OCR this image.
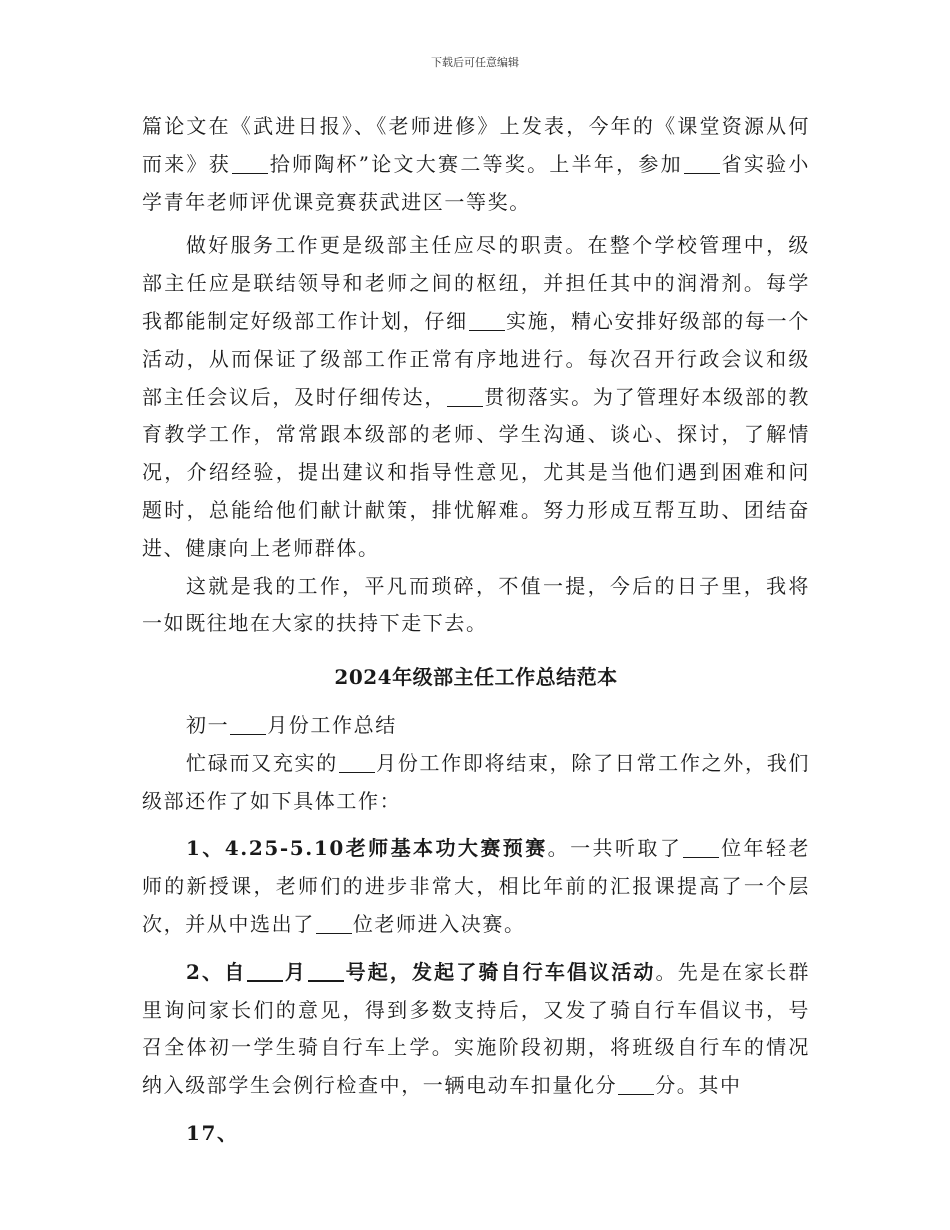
下载后可任意编辑

篇论文在《武进日报》、《老师进修》上发表，今年的《课堂资源从何而来》获 拾师陶杯”论文大赛二等奖。上半年，参加 省实验小学青年老师评优课竞赛获武进区一等奖。

做好服务工作更是级部主任应尽的职责。在整个学校管理中，级部主任应是联结领导和老师之间的枢纽，并担任其中的润滑剂。每学我都能制定好级部工作计划，仔细 实施，精心安排好级部的每一个活动，从而保证了级部工作正常有序地进行。每次召开行政会议和级部主任会议后，及时仔细传达， 贯彻落实。为了管理好本级部的教育教学工作，常常跟本级部的老师、学生沟通、谈心、探讨，了解情况，介绍经验，提出建议和指导性意见，尤其是当他们遇到困难和问题时，总能给他们献计献策，排忧解难。努力形成互帮互助、团结奋进、健康向上老师群体。

这就是我的工作，平凡而琐碎，不值一提，今后的日子里，我将一如既往地在大家的扶持下走下去。

2024年级部主任工作总结范本

初一 月份工作总结

忙碌而又充实的 月份工作即将结束，除了日常工作之外，我们级部还作了如下具体工作：

1、4.25-5.10老师基本功大赛预赛。一共听取了 位年轻老师的新授课，老师们的进步非常大，相比年前的汇报课提高了一个层次，并从中选出了 位老师进入决赛。

2、自 月 号起，发起了骑自行车倡议活动。先是在家长群里询问家长们的意见，得到多数支持后，又发了骑自行车倡议书，号召全体初一学生骑自行车上学。实施阶段初期，将班级自行车的情况纳入级部学生会例行检查中，一辆电动车扣量化分 分。其中

17、
